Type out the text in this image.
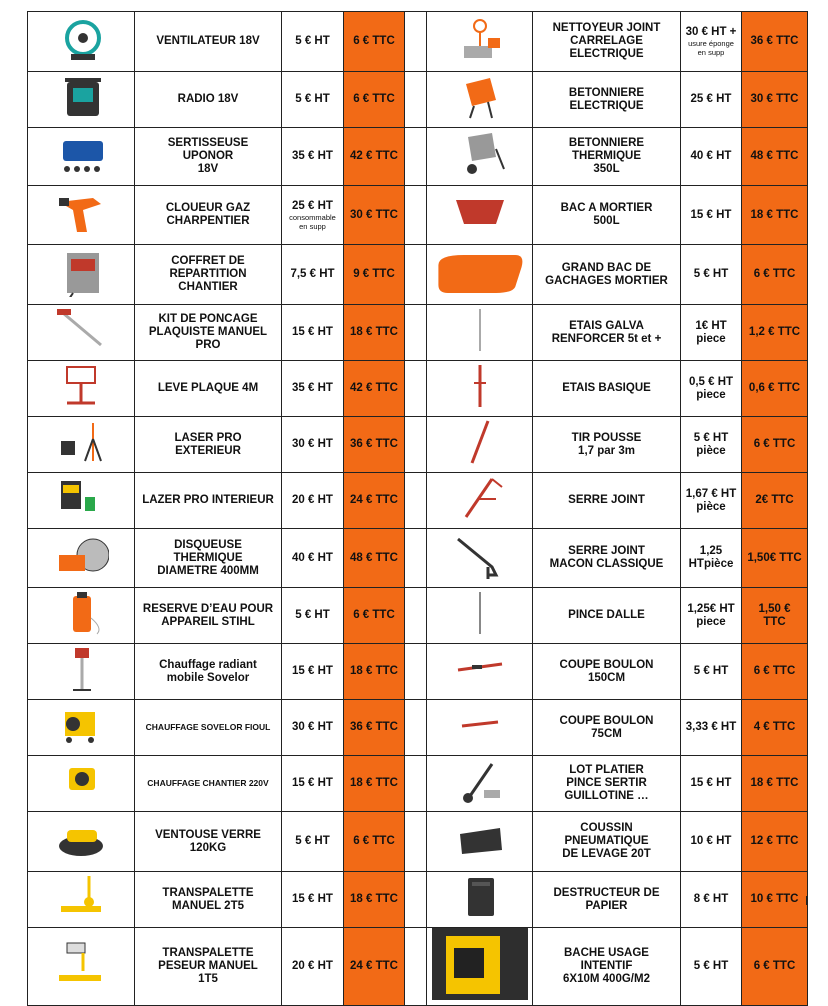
	VENTILATEUR 18V	5 € HT	6 € TTC			NETTOYEUR JOINT
CARRELAGE
ELECTRIQUE	30 € HT +
usure éponge
en supp	36 € TTC

	RADIO 18V	5 € HT	6 € TTC			BETONNIERE
ELECTRIQUE	25 € HT	30 € TTC

	SERTISSEUSE
UPONOR
18V	35 € HT	42 € TTC			BETONNIERE
THERMIQUE
350L	40 € HT	48 € TTC

	CLOUEUR GAZ
CHARPENTIER	25 € HT
consommable
en supp	30 € TTC			BAC A MORTIER
500L	15 € HT	18 € TTC

	COFFRET DE
REPARTITION
CHANTIER	7,5 € HT	9 € TTC			GRAND BAC DE
GACHAGES MORTIER	5 € HT	6 € TTC

	KIT DE PONCAGE
PLAQUISTE MANUEL PRO	15 € HT	18 € TTC			ETAIS GALVA
RENFORCER 5t et +	1€ HT
piece	1,2 € TTC

	LEVE PLAQUE 4M	35 € HT	42 € TTC			ETAIS BASIQUE	0,5 € HT
piece	0,6 € TTC

	LASER PRO
EXTERIEUR	30 € HT	36 € TTC			TIR POUSSE
1,7 par 3m	5 € HT
pièce	6 € TTC

	LAZER PRO INTERIEUR	20 € HT	24 € TTC			SERRE JOINT	1,67 € HT
pièce	2€ TTC

	DISQUEUSE
THERMIQUE
DIAMETRE 400MM	40 € HT	48 € TTC			SERRE JOINT
MACON CLASSIQUE	1,25
HTpièce	1,50€ TTC

	RESERVE D’EAU POUR
APPAREIL STIHL	5 € HT	6 € TTC			PINCE DALLE	1,25€ HT
piece	1,50 €
TTC

	Chauffage radiant
mobile Sovelor	15 € HT	18 € TTC			COUPE BOULON
150CM	5 € HT	6 € TTC

	CHAUFFAGE SOVELOR FIOUL	30 € HT	36 € TTC			COUPE BOULON
75CM	3,33 € HT	4 € TTC

	CHAUFFAGE CHANTIER 220V	15 € HT	18 € TTC			LOT PLATIER
PINCE SERTIR
GUILLOTINE …	15 € HT	18 € TTC

	VENTOUSE VERRE
120KG	5 € HT	6 € TTC			COUSSIN
PNEUMATIQUE
DE LEVAGE 20T	10 € HT	12 € TTC

	TRANSPALETTE
MANUEL 2T5	15 € HT	18 € TTC			DESTRUCTEUR DE
PAPIER	8 € HT	10 € TTC

	TRANSPALETTE
PESEUR MANUEL
1T5	20 € HT	24 € TTC			BACHE USAGE
INTENTIF
6X10M 400G/M2	5 € HT	6 € TTC
